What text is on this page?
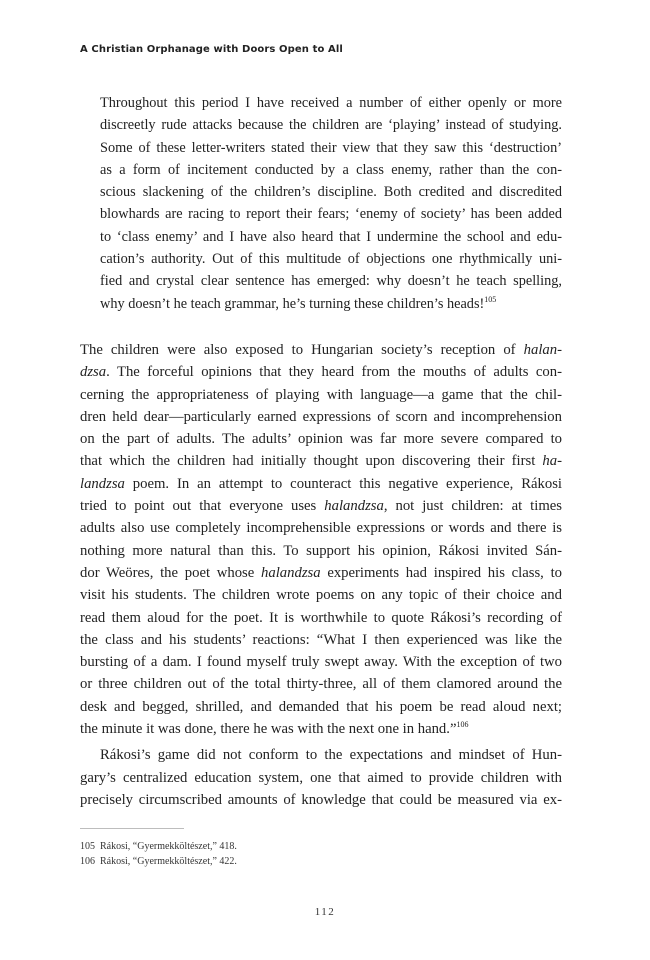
A Christian Orphanage with Doors Open to All
Throughout this period I have received a number of either openly or more
discreetly rude attacks because the children are ‘playing’ instead of studying.
Some of these letter-writers stated their view that they saw this ‘destruction’
as a form of incitement conducted by a class enemy, rather than the con-
scious slackening of the children’s discipline. Both credited and discredited
blowhards are racing to report their fears; ‘enemy of society’ has been added
to ‘class enemy’ and I have also heard that I undermine the school and edu-
cation’s authority. Out of this multitude of objections one rhythmically uni-
fied and crystal clear sentence has emerged: why doesn’t he teach spelling,
why doesn’t he teach grammar, he’s turning these children’s heads!$^{105}$
The children were also exposed to Hungarian society’s reception of halan-
dzsa. The forceful opinions that they heard from the mouths of adults con-
cerning the appropriateness of playing with language—a game that the chil-
dren held dear—particularly earned expressions of scorn and incomprehension
on the part of adults. The adults’ opinion was far more severe compared to
that which the children had initially thought upon discovering their first ha-
landzsa poem. In an attempt to counteract this negative experience, Rákosi
tried to point out that everyone uses halandzsa, not just children: at times
adults also use completely incomprehensible expressions or words and there is
nothing more natural than this. To support his opinion, Rákosi invited Sán-
dor Weöres, the poet whose halandzsa experiments had inspired his class, to
visit his students. The children wrote poems on any topic of their choice and
read them aloud for the poet. It is worthwhile to quote Rákosi’s recording of
the class and his students’ reactions: “What I then experienced was like the
bursting of a dam. I found myself truly swept away. With the exception of two
or three children out of the total thirty-three, all of them clamored around the
desk and begged, shrilled, and demanded that his poem be read aloud next;
the minute it was done, there he was with the next one in hand.”$^{106}$
Rákosi’s game did not conform to the expectations and mindset of Hun-
gary’s centralized education system, one that aimed to provide children with
precisely circumscribed amounts of knowledge that could be measured via ex-
105 Rákosi, “Gyermekköltészet,” 418.
106 Rákosi, “Gyermekköltészet,” 422.
112
